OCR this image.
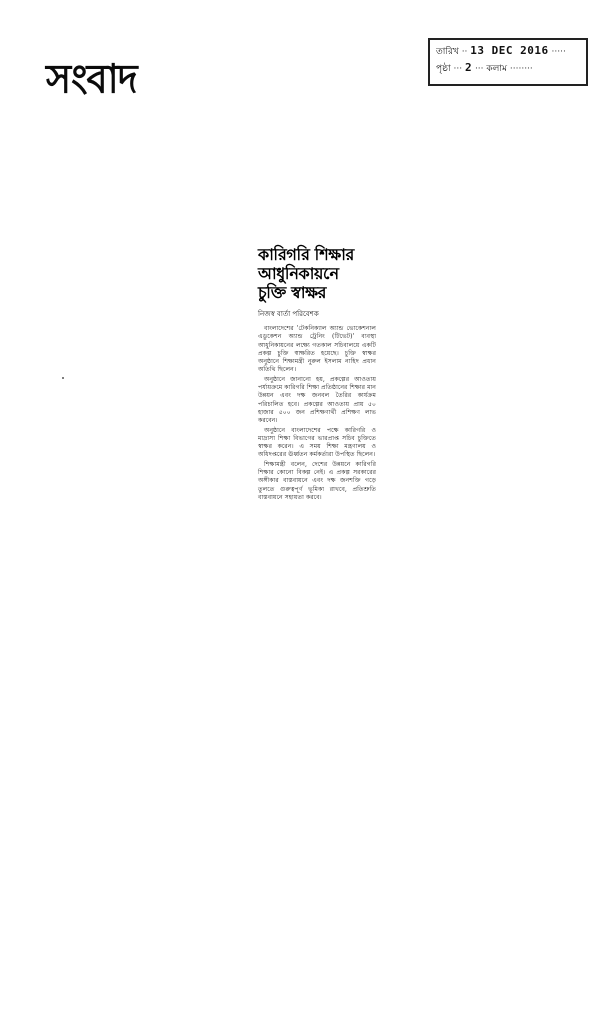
সংবাদ
তারিখ ·· 13 DEC 2016 ·····
পৃষ্ঠা ··· 2 ··· কলাম ········
কারিগরি শিক্ষার
আধুনিকায়নে
চুক্তি স্বাক্ষর
নিজস্ব বার্তা পরিবেশক

বাংলাদেশের 'টেকনিক্যাল অ্যান্ড ভোকেশনাল এডুকেশন অ্যান্ড ট্রেনিং (টিভেট)' ব্যবস্থা আধুনিকায়নের লক্ষ্যে গতকাল সচিবালয়ে একটি প্রকল্প চুক্তি স্বাক্ষরিত হয়েছে। চুক্তি স্বাক্ষর অনুষ্ঠানে শিক্ষামন্ত্রী নুরুল ইসলাম নাহিদ প্রধান অতিথি ছিলেন।

অনুষ্ঠানে জানানো হয়, প্রকল্পের আওতায় পর্যায়ক্রমে কারিগরি শিক্ষা প্রতিষ্ঠানের শিক্ষার মান উন্নয়ন এবং দক্ষ জনবল তৈরির কার্যক্রম পরিচালিত হবে। প্রকল্পের আওতায় প্রায় ৫০ হাজার ৫০০ জন প্রশিক্ষণার্থী প্রশিক্ষণ লাভ করবেন।

অনুষ্ঠানে বাংলাদেশের পক্ষে কারিগরি ও মাদ্রাসা শিক্ষা বিভাগের ভারপ্রাপ্ত সচিব চুক্তিতে স্বাক্ষর করেন। এ সময় শিক্ষা মন্ত্রণালয় ও অধিদপ্তরের ঊর্ধ্বতন কর্মকর্তারা উপস্থিত ছিলেন।

শিক্ষামন্ত্রী বলেন, দেশের উন্নয়নে কারিগরি শিক্ষার কোনো বিকল্প নেই। এ প্রকল্প সরকারের অঙ্গীকার বাস্তবায়নে এবং দক্ষ জনশক্তি গড়ে তুলতে গুরুত্বপূর্ণ ভূমিকা রাখবে, প্রতিশ্রুতি বাস্তবায়নে সহায়তা করবে।
